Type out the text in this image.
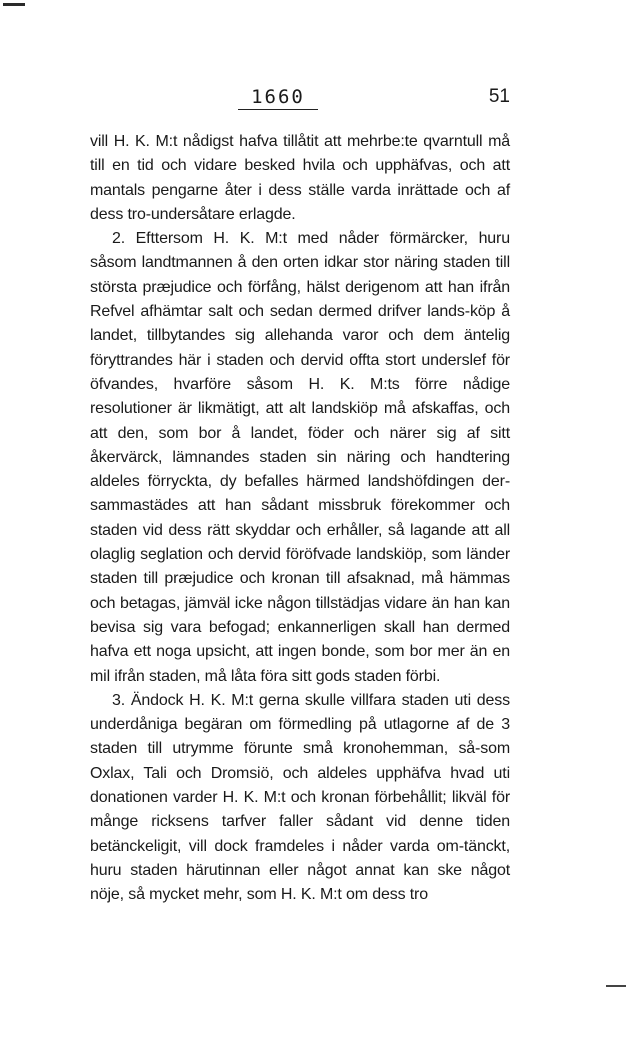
1660	51

vill H. K. M:t nådigst hafva tillåtit att mehrbe:te qvarntull må till en tid och vidare besked hvila och upphäfvas, och att mantals pengarne åter i dess ställe varda inrättade och af dess tro-undersåtare erlagde.

2. Efttersom H. K. M:t med nåder förmärcker, huru såsom landtmannen å den orten idkar stor näring staden till största præjudice och förfång, hälst derigenom att han ifrån Refvel afhämtar salt och sedan dermed drifver lands-köp å landet, tillbytandes sig allehanda varor och dem äntelig föryttrandes här i staden och dervid offta stort underslef för öfvandes, hvarföre såsom H. K. M:ts förre nådige resolutioner är likmätigt, att alt landskiöp må afskaffas, och att den, som bor å landet, föder och närer sig af sitt åkervärck, lämnandes staden sin näring och handtering aldeles förryckta, dy befalles härmed landshöfdingen der-sammastädes att han sådant missbruk förekommer och staden vid dess rätt skyddar och erhåller, så lagande att all olaglig seglation och dervid föröfvade landskiöp, som länder staden till præjudice och kronan till afsaknad, må hämmas och betagas, jämväl icke någon tillstädjas vidare än han kan bevisa sig vara befogad; enkannerligen skall han dermed hafva ett noga upsicht, att ingen bonde, som bor mer än en mil ifrån staden, må låta föra sitt gods staden förbi.

3. Ändock H. K. M:t gerna skulle villfara staden uti dess underdåniga begäran om förmedling på utlagorne af de 3 staden till utrymme förunte små kronohemman, så-som Oxlax, Tali och Dromsiö, och aldeles upphäfva hvad uti donationen varder H. K. M:t och kronan förbehållit; likväl för månge ricksens tarfver faller sådant vid denne tiden betänckeligit, vill dock framdeles i nåder varda om-tänckt, huru staden härutinnan eller något annat kan ske något nöje, så mycket mehr, som H. K. M:t om dess tro
